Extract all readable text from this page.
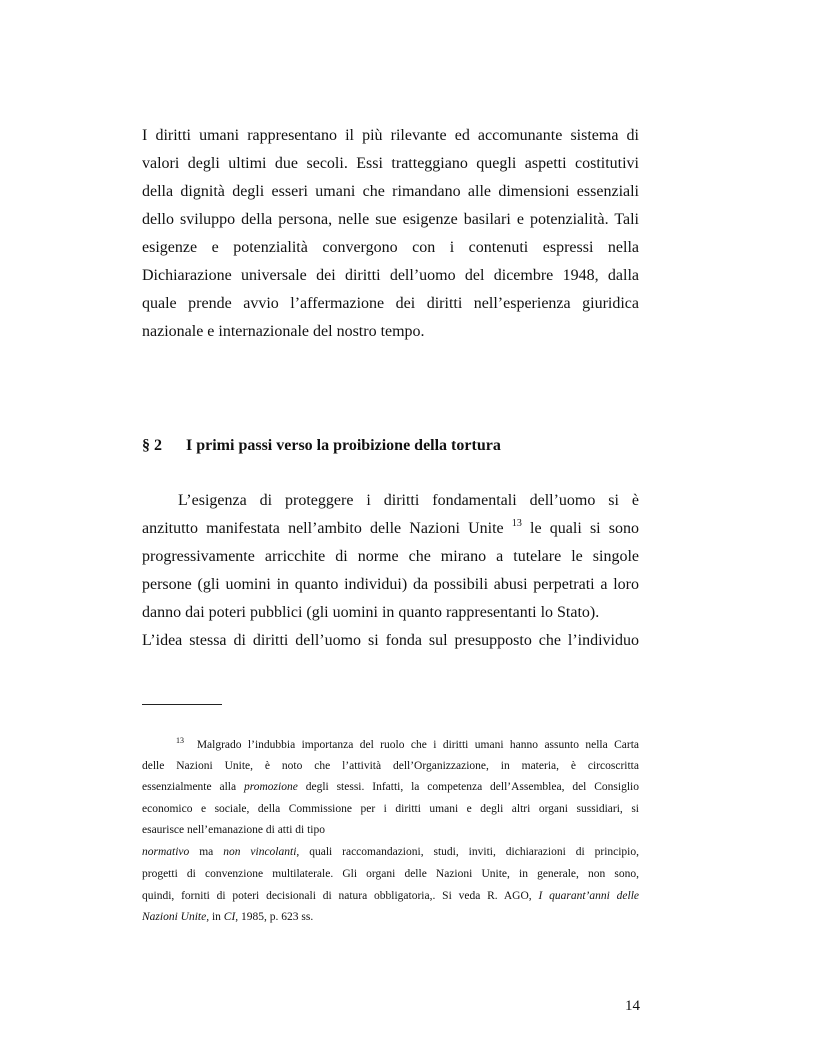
I diritti umani rappresentano il più rilevante ed accomunante sistema di
valori degli ultimi due secoli. Essi tratteggiano quegli aspetti costitutivi
della dignità degli esseri umani che rimandano alle dimensioni essenziali
dello sviluppo della persona, nelle sue esigenze basilari e potenzialità. Tali
esigenze e potenzialità convergono con i contenuti espressi nella
Dichiarazione universale dei diritti dell’uomo del dicembre 1948, dalla
quale prende avvio l’affermazione dei diritti nell’esperienza giuridica
nazionale e internazionale del nostro tempo.
§ 2 I primi passi verso la proibizione della tortura
L’esigenza di proteggere i diritti fondamentali dell’uomo si è
anzitutto manifestata nell’ambito delle Nazioni Unite $^{13}$ le quali si sono
progressivamente arricchite di norme che mirano a tutelare le singole
persone (gli uomini in quanto individui) da possibili abusi perpetrati a loro
danno dai poteri pubblici (gli uomini in quanto rappresentanti lo Stato).
L’idea stessa di diritti dell’uomo si fonda sul presupposto che l’individuo
$^{13}$ Malgrado l’indubbia importanza del ruolo che i diritti umani hanno assunto nella Carta
delle Nazioni Unite, è noto che l’attività dell’Organizzazione, in materia, è circoscritta
essenzialmente alla promozione degli stessi. Infatti, la competenza dell’Assemblea, del Consiglio
economico e sociale, della Commissione per i diritti umani e degli altri organi sussidiari, si
esaurisce nell’emanazione di atti di tipo
normativo ma non vincolanti, quali raccomandazioni, studi, inviti, dichiarazioni di principio,
progetti di convenzione multilaterale. Gli organi delle Nazioni Unite, in generale, non sono,
quindi, forniti di poteri decisionali di natura obbligatoria,. Si veda R. AGO, I quarant’anni delle
Nazioni Unite, in CI, 1985, p. 623 ss.
14
